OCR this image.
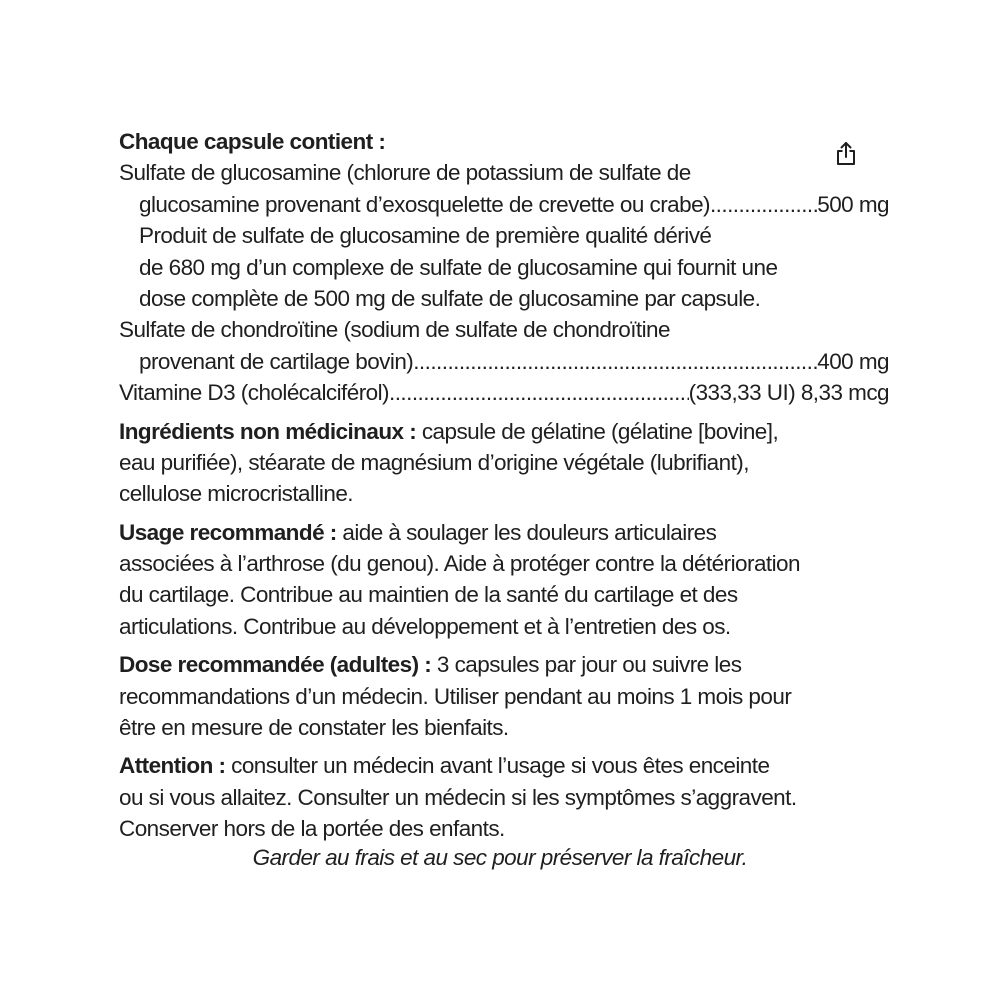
Chaque capsule contient :
Sulfate de glucosamine (chlorure de potassium de sulfate de
glucosamine provenant d’exosquelette de crevette ou crabe) .....	500 mg
Produit de sulfate de glucosamine de première qualité dérivé
de 680 mg d’un complexe de sulfate de glucosamine qui fournit une
dose complète de 500 mg de sulfate de glucosamine par capsule.
Sulfate de chondroïtine (sodium de sulfate de chondroïtine
provenant de cartilage bovin) .....	400 mg
Vitamine D3 (cholécalciférol) .....	(333,33 UI) 8,33 mcg
Ingrédients non médicinaux : capsule de gélatine (gélatine [bovine],
eau purifiée), stéarate de magnésium d’origine végétale (lubrifiant),
cellulose microcristalline.
Usage recommandé : aide à soulager les douleurs articulaires
associées à l’arthrose (du genou). Aide à protéger contre la détérioration
du cartilage. Contribue au maintien de la santé du cartilage et des
articulations. Contribue au développement et à l’entretien des os.
Dose recommandée (adultes) : 3 capsules par jour ou suivre les
recommandations d’un médecin. Utiliser pendant au moins 1 mois pour
être en mesure de constater les bienfaits.
Attention : consulter un médecin avant l’usage si vous êtes enceinte
ou si vous allaitez. Consulter un médecin si les symptômes s’aggravent.
Conserver hors de la portée des enfants.
Garder au frais et au sec pour préserver la fraîcheur.
